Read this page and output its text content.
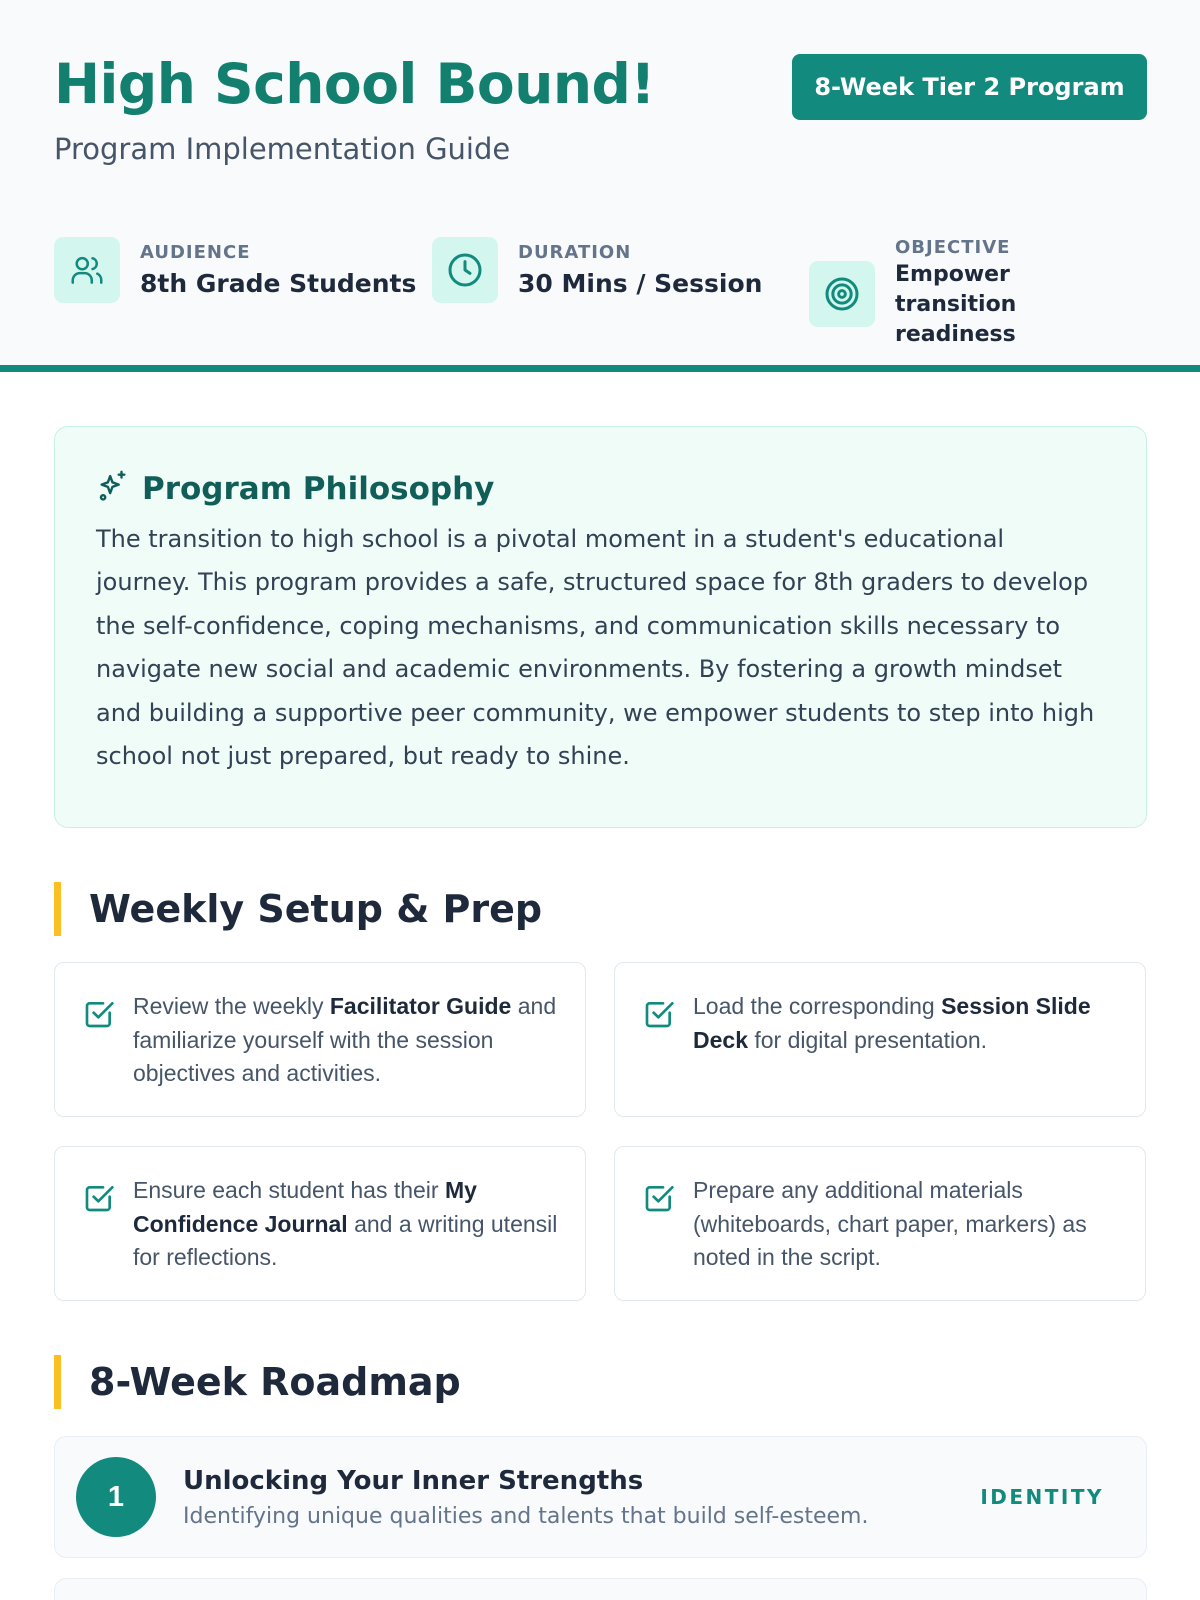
High School Bound!
Program Implementation Guide
8-Week Tier 2 Program
AUDIENCE
8th Grade Students
DURATION
30 Mins / Session
OBJECTIVE
Empower transition readiness
Program Philosophy

The transition to high school is a pivotal moment in a student's educational journey. This program provides a safe, structured space for 8th graders to develop the self-confidence, coping mechanisms, and communication skills necessary to navigate new social and academic environments. By fostering a growth mindset and building a supportive peer community, we empower students to step into high school not just prepared, but ready to shine.

Weekly Setup & Prep
Review the weekly Facilitator Guide and familiarize yourself with the session objectives and activities.
Load the corresponding Session Slide Deck for digital presentation.
Ensure each student has their My Confidence Journal and a writing utensil for reflections.
Prepare any additional materials (whiteboards, chart paper, markers) as noted in the script.
8-Week Roadmap
1	Unlocking Your Inner Strengths
Identifying unique qualities and talents that build self-esteem.
IDENTITY
